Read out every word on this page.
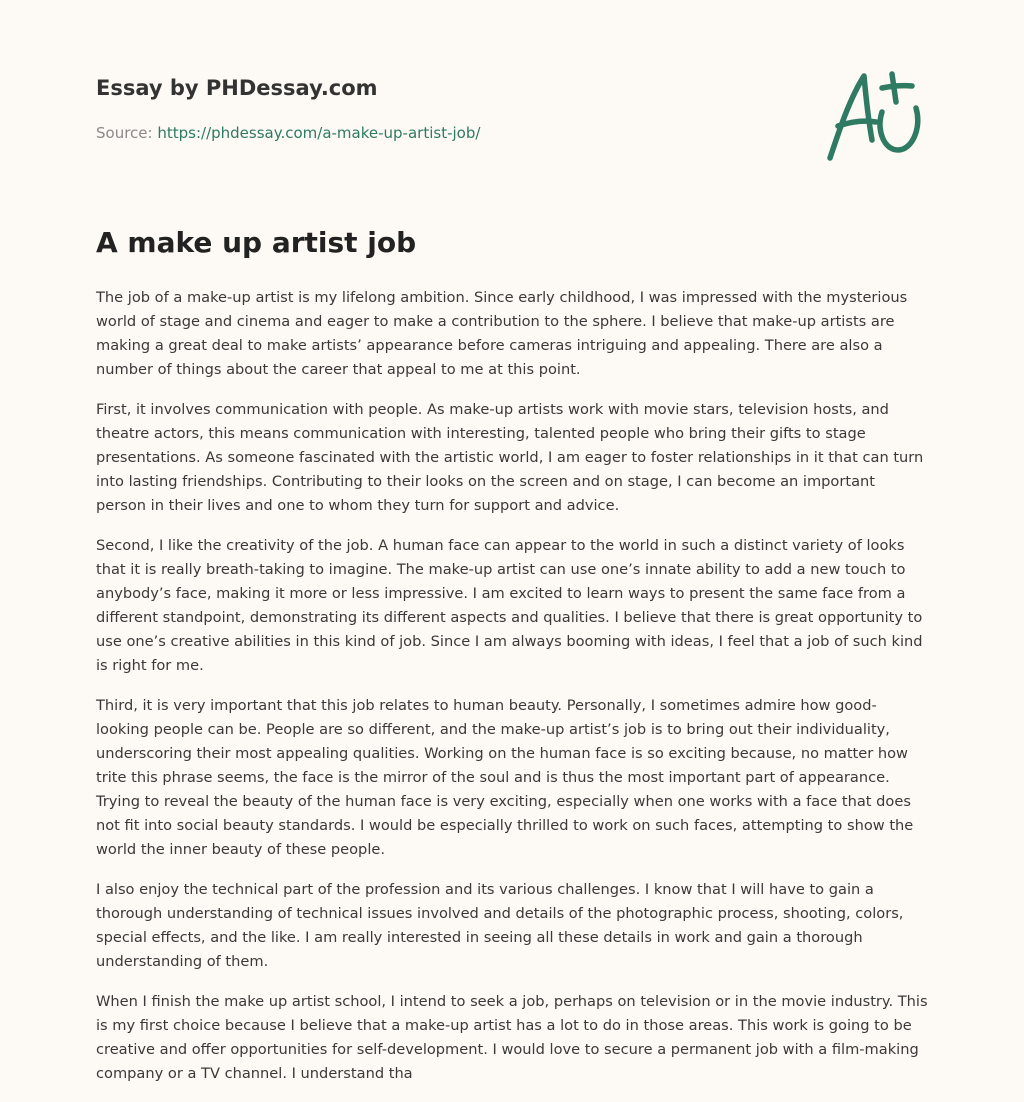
Essay by PHDessay.com
Source: https://phdessay.com/a-make-up-artist-job/
A make up artist job

The job of a make-up artist is my lifelong ambition. Since early childhood, I was impressed with the mysterious world of stage and cinema and eager to make a contribution to the sphere. I believe that make-up artists are making a great deal to make artists’ appearance before cameras intriguing and appealing. There are also a number of things about the career that appeal to me at this point.

First, it involves communication with people. As make-up artists work with movie stars, television hosts, and theatre actors, this means communication with interesting, talented people who bring their gifts to stage presentations. As someone fascinated with the artistic world, I am eager to foster relationships in it that can turn into lasting friendships. Contributing to their looks on the screen and on stage, I can become an important person in their lives and one to whom they turn for support and advice.

Second, I like the creativity of the job. A human face can appear to the world in such a distinct variety of looks that it is really breath-taking to imagine. The make-up artist can use one’s innate ability to add a new touch to anybody’s face, making it more or less impressive. I am excited to learn ways to present the same face from a different standpoint, demonstrating its different aspects and qualities. I believe that there is great opportunity to use one’s creative abilities in this kind of job. Since I am always booming with ideas, I feel that a job of such kind is right for me.

Third, it is very important that this job relates to human beauty. Personally, I sometimes admire how good-looking people can be. People are so different, and the make-up artist’s job is to bring out their individuality, underscoring their most appealing qualities. Working on the human face is so exciting because, no matter how trite this phrase seems, the face is the mirror of the soul and is thus the most important part of appearance. Trying to reveal the beauty of the human face is very exciting, especially when one works with a face that does not fit into social beauty standards. I would be especially thrilled to work on such faces, attempting to show the world the inner beauty of these people.

I also enjoy the technical part of the profession and its various challenges. I know that I will have to gain a thorough understanding of technical issues involved and details of the photographic process, shooting, colors, special effects, and the like. I am really interested in seeing all these details in work and gain a thorough understanding of them.

When I finish the make up artist school, I intend to seek a job, perhaps on television or in the movie industry. This is my first choice because I believe that a make-up artist has a lot to do in those areas. This work is going to be creative and offer opportunities for self-development. I would love to secure a permanent job with a film-making company or a TV channel. I understand tha
